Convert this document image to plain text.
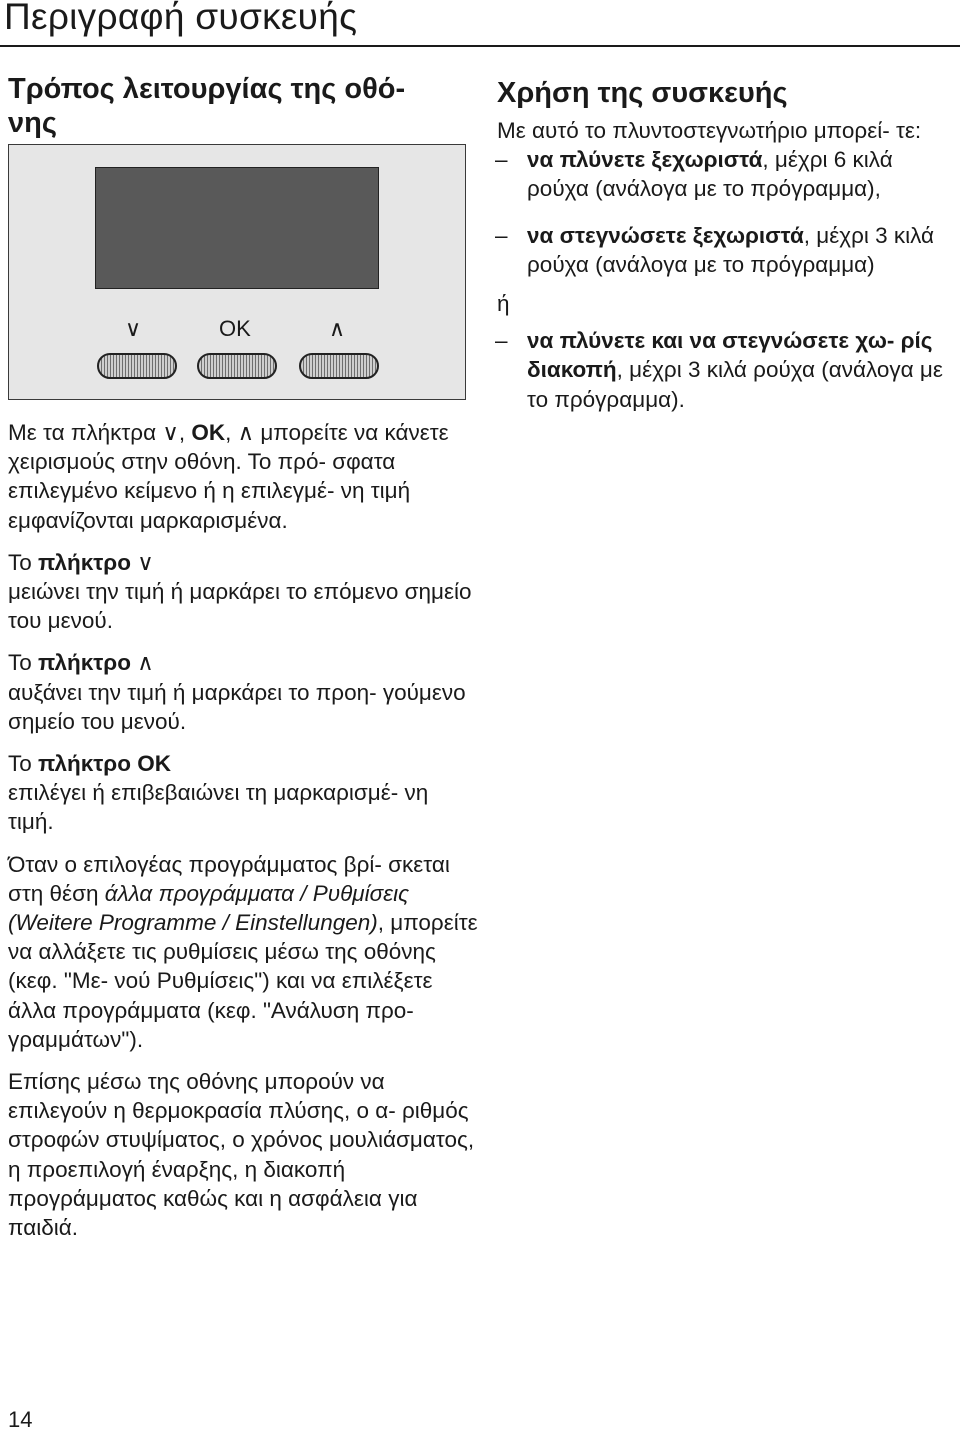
Περιγραφή συσκευής
Τρόπος λειτουργίας της οθό- νης
∨	OK	∧

Με τα πλήκτρα ∨, OK, ∧ μπορείτε να κάνετε χειρισμούς στην οθόνη. Το πρό- σφατα επιλεγμένο κείμενο ή η επιλεγμέ- νη τιμή εμφανίζονται μαρκαρισμένα.

Το πλήκτρο ∨
μειώνει την τιμή ή μαρκάρει το επόμενο σημείο του μενού.

Το πλήκτρο ∧
αυξάνει την τιμή ή μαρκάρει το προη- γούμενο σημείο του μενού.

Το πλήκτρο OK
επιλέγει ή επιβεβαιώνει τη μαρκαρισμέ- νη τιμή.

Όταν ο επιλογέας προγράμματος βρί- σκεται στη θέση άλλα προγράμματα / Ρυθμίσεις (Weitere Programme / Einstellungen), μπορείτε να αλλάξετε τις ρυθμίσεις μέσω της οθόνης (κεφ. "Με- νού Ρυθμίσεις") και να επιλέξετε άλλα προγράμματα (κεφ. "Ανάλυση προ- γραμμάτων").

Επίσης μέσω της οθόνης μπορούν να επιλεγούν η θερμοκρασία πλύσης, ο α- ριθμός στροφών στυψίματος, ο χρόνος μουλιάσματος, η προεπιλογή έναρξης, η διακοπή προγράμματος καθώς και η ασφάλεια για παιδιά.

Χρήση της συσκευής

Με αυτό το πλυντοστεγνωτήριο μπορεί- τε:

– να πλύνετε ξεχωριστά, μέχρι 6 κιλά ρούχα (ανάλογα με το πρόγραμμα),
– να στεγνώσετε ξεχωριστά, μέχρι 3 κιλά ρούχα (ανάλογα με το πρόγραμμα)
ή
– να πλύνετε και να στεγνώσετε χω- ρίς διακοπή, μέχρι 3 κιλά ρούχα (ανάλογα με το πρόγραμμα).
14
